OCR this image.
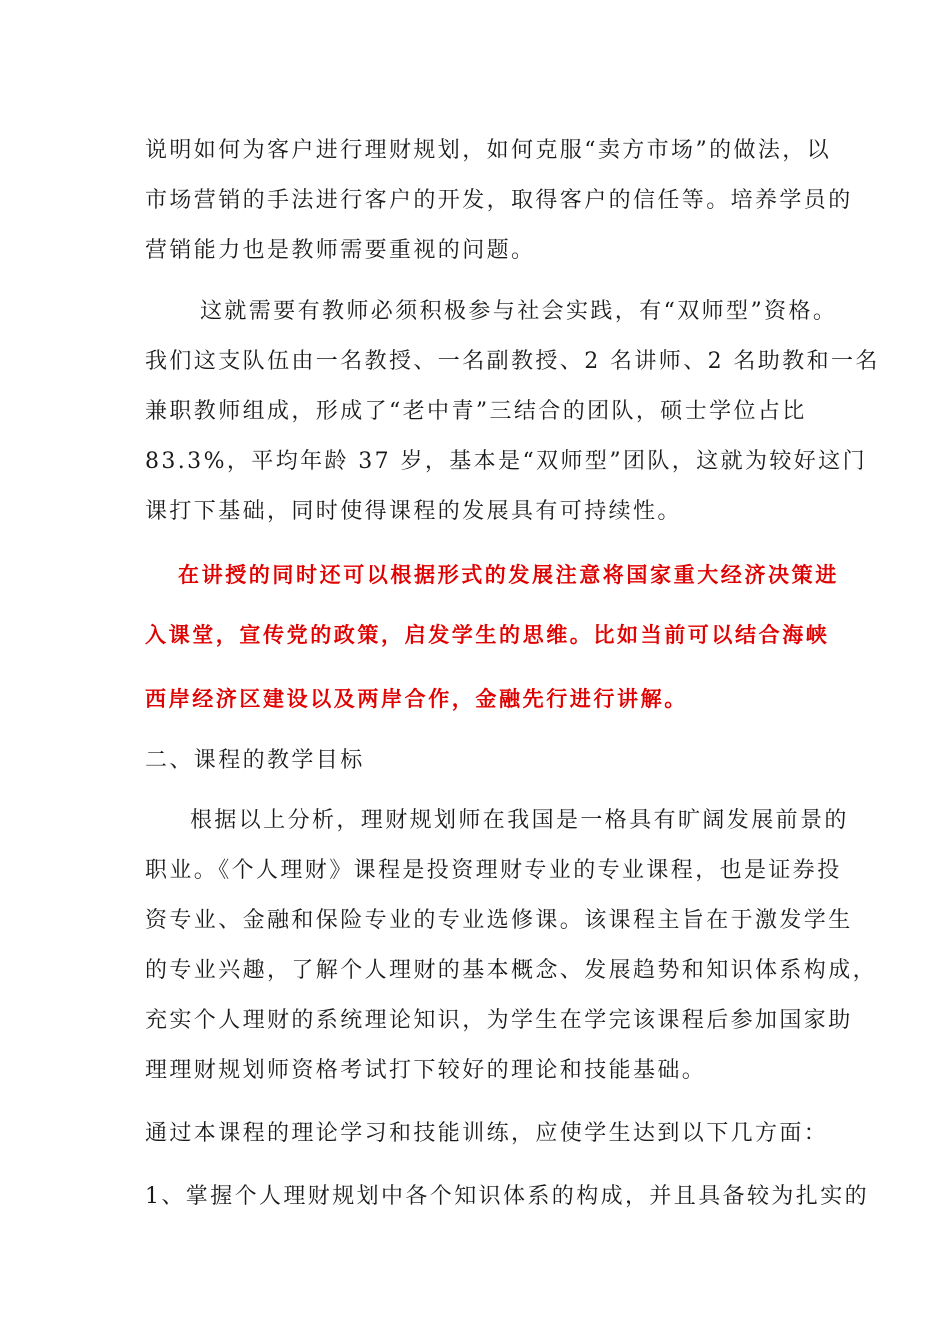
说明如何为客户进行理财规划，如何克服“卖方市场”的做法，以
市场营销的手法进行客户的开发，取得客户的信任等。培养学员的
营销能力也是教师需要重视的问题。
这就需要有教师必须积极参与社会实践，有“双师型”资格。
我们这支队伍由一名教授、一名副教授、2 名讲师、2 名助教和一名
兼职教师组成，形成了“老中青”三结合的团队，硕士学位占比
83.3%，平均年龄 37 岁，基本是“双师型”团队，这就为较好这门
课打下基础，同时使得课程的发展具有可持续性。
在讲授的同时还可以根据形式的发展注意将国家重大经济决策进
入课堂，宣传党的政策，启发学生的思维。比如当前可以结合海峡
西岸经济区建设以及两岸合作，金融先行进行讲解。
二、课程的教学目标
根据以上分析，理财规划师在我国是一格具有旷阔发展前景的
职业。《个人理财》课程是投资理财专业的专业课程，也是证券投
资专业、金融和保险专业的专业选修课。该课程主旨在于激发学生
的专业兴趣，了解个人理财的基本概念、发展趋势和知识体系构成，
充实个人理财的系统理论知识，为学生在学完该课程后参加国家助
理理财规划师资格考试打下较好的理论和技能基础。
通过本课程的理论学习和技能训练，应使学生达到以下几方面：
1、掌握个人理财规划中各个知识体系的构成，并且具备较为扎实的
